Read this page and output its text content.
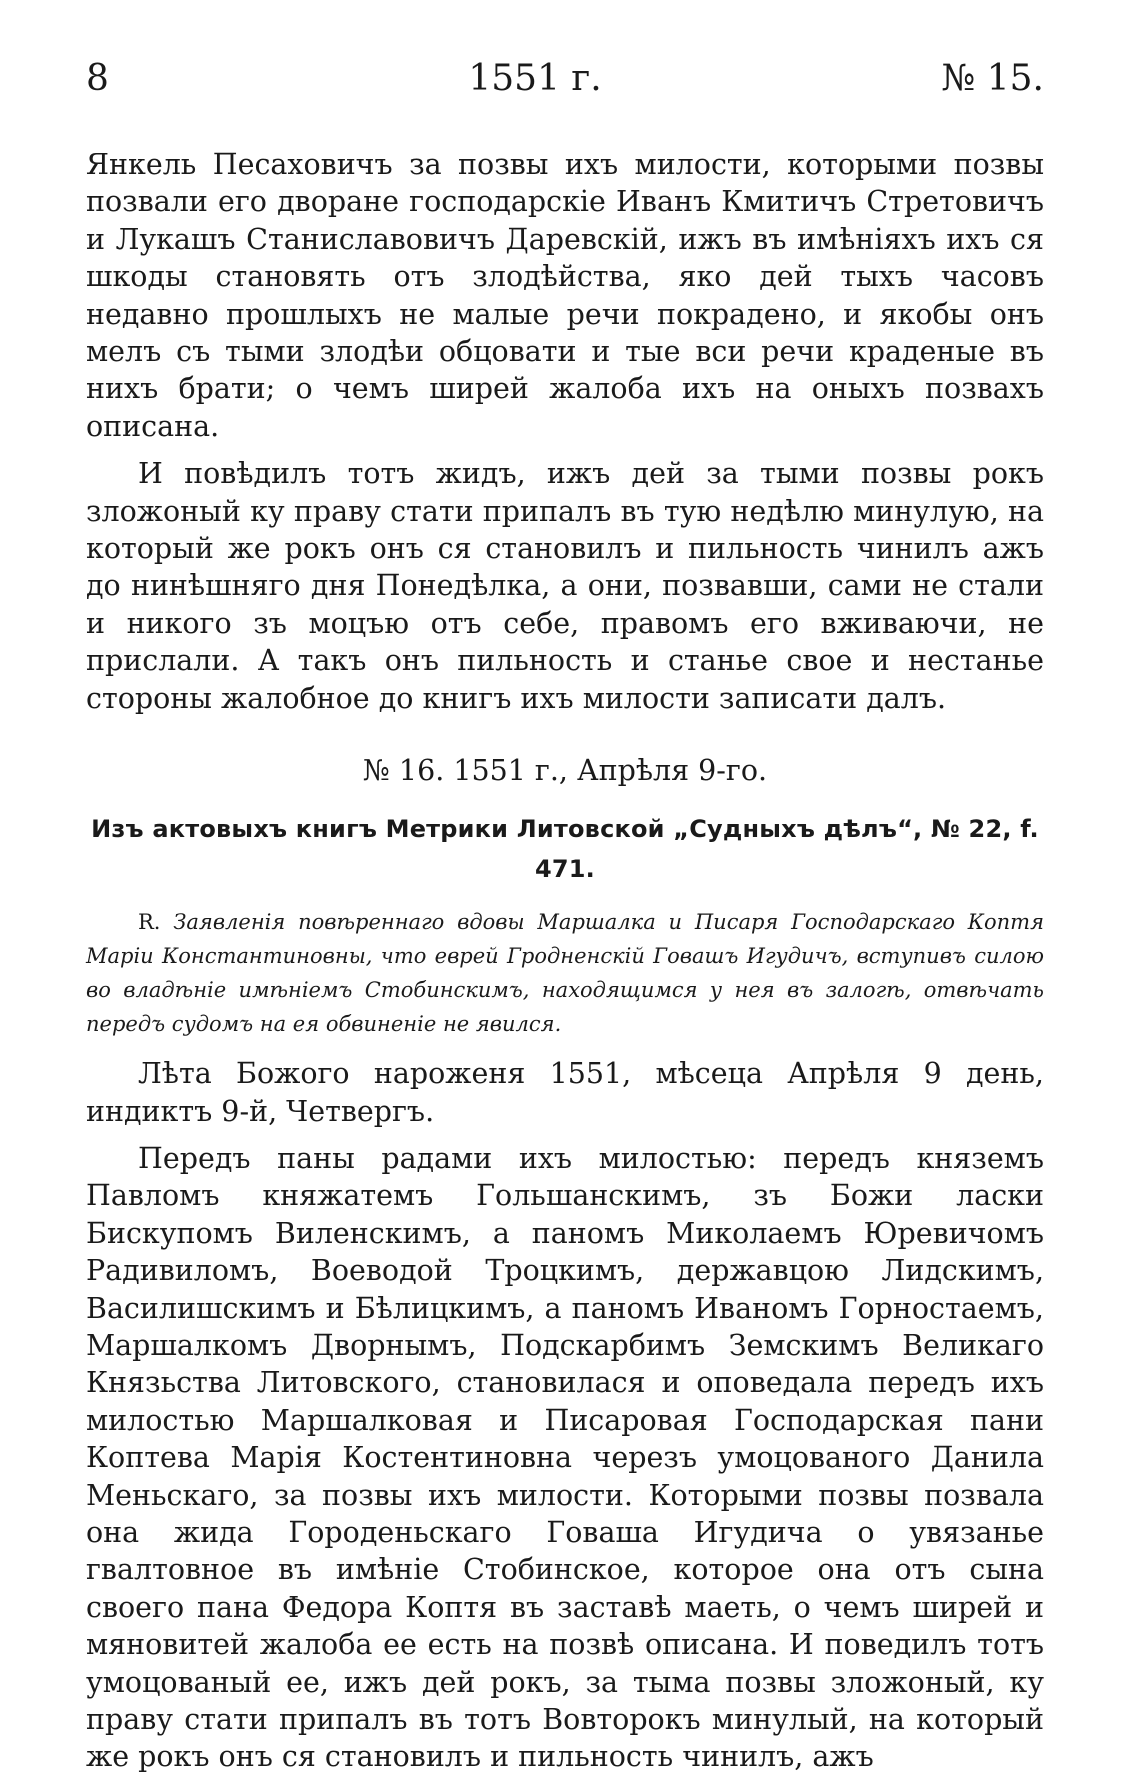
8	1551 г.	№ 15.

Янкель Песаховичъ за позвы ихъ милости, которыми позвы позвали его дворане господарскіе Иванъ Кмитичъ Стретовичъ и Лукашъ Станиславовичъ Даревскій, ижъ въ имѣніяхъ ихъ ся шкоды становять отъ злодѣйства, яко дей тыхъ часовъ недавно прошлыхъ не малые речи покрадено, и якобы онъ мелъ съ тыми злодѣи обцовати и тые вси речи краденые въ нихъ брати; о чемъ ширей жалоба ихъ на оныхъ позвахъ описана.

И повѣдилъ тотъ жидъ, ижъ дей за тыми позвы рокъ зложоный ку праву стати припалъ въ тую недѣлю минулую, на который же рокъ онъ ся становилъ и пильность чинилъ ажъ до нинѣшняго дня Понедѣлка, а они, позвавши, сами не стали и никого зъ моцъю отъ себе, правомъ его вживаючи, не прислали. А такъ онъ пильность и станье свое и нестанье стороны жалобное до книгъ ихъ милости записати далъ.

№ 16. 1551 г., Апрѣля 9-го.
Изъ актовыхъ книгъ Метрики Литовской „Судныхъ дѣлъ“, № 22, f. 471.

R. Заявленія повѣреннаго вдовы Маршалка и Писаря Господарскаго Коптя Маріи Константиновны, что еврей Гродненскій Говашъ Игудичъ, вступивъ силою во владѣніе имѣніемъ Стобинскимъ, находящимся у нея въ залогѣ, отвѣчать передъ судомъ на ея обвиненіе не явился.

Лѣта Божого нароженя 1551, мѣсеца Апрѣля 9 день, индиктъ 9-й, Четвергъ.

Передъ паны радами ихъ милостью: передъ княземъ Павломъ княжатемъ Гольшанскимъ, зъ Божи ласки Бискупомъ Виленскимъ, а паномъ Миколаемъ Юревичомъ Радивиломъ, Воеводой Троцкимъ, державцою Лидскимъ, Василишскимъ и Бѣлицкимъ, а паномъ Иваномъ Горностаемъ, Маршалкомъ Дворнымъ, Подскарбимъ Земскимъ Великаго Князьства Литовского, становилася и оповедала передъ ихъ милостью Маршалковая и Писаровая Господарская пани Коптева Марія Костентиновна черезъ умоцованого Данила Меньскаго, за позвы ихъ милости. Которыми позвы позвала она жида Городеньскаго Говаша Игудича о увязанье гвалтовное въ имѣніе Стобинское, которое она отъ сына своего пана Федора Коптя въ заставѣ маеть, о чемъ ширей и мяновитей жалоба ее есть на позвѣ описана. И поведилъ тотъ умоцованый ее, ижъ дей рокъ, за тыма позвы зложоный, ку праву стати припалъ въ тотъ Вовторокъ минулый, на который же рокъ онъ ся становилъ и пильность чинилъ, ажъ
